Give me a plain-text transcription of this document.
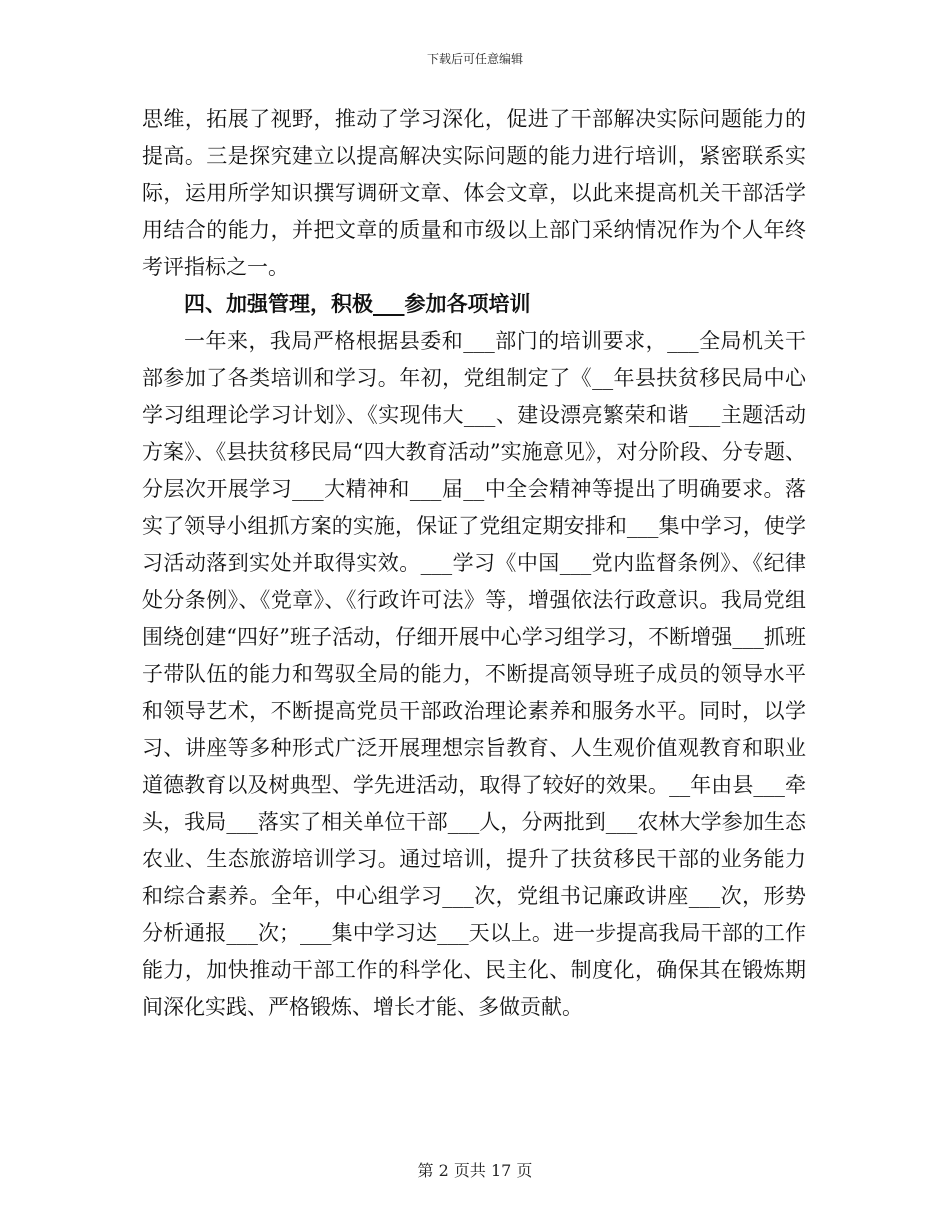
下载后可任意编辑

思维，拓展了视野，推动了学习深化，促进了干部解决实际问题能力的提高。三是探究建立以提高解决实际问题的能力进行培训，紧密联系实际，运用所学知识撰写调研文章、体会文章，以此来提高机关干部活学用结合的能力，并把文章的质量和市级以上部门采纳情况作为个人年终考评指标之一。

四、加强管理，积极___参加各项培训

一年来，我局严格根据县委和___部门的培训要求，___全局机关干部参加了各类培训和学习。年初，党组制定了《__年县扶贫移民局中心学习组理论学习计划》、《实现伟大___、建设漂亮繁荣和谐___主题活动方案》、《县扶贫移民局“四大教育活动”实施意见》，对分阶段、分专题、分层次开展学习___大精神和___届__中全会精神等提出了明确要求。落实了领导小组抓方案的实施，保证了党组定期安排和___集中学习，使学习活动落到实处并取得实效。___学习《中国___党内监督条例》、《纪律处分条例》、《党章》、《行政许可法》等，增强依法行政意识。我局党组围绕创建“四好”班子活动，仔细开展中心学习组学习，不断增强___抓班子带队伍的能力和驾驭全局的能力，不断提高领导班子成员的领导水平和领导艺术，不断提高党员干部政治理论素养和服务水平。同时，以学习、讲座等多种形式广泛开展理想宗旨教育、人生观价值观教育和职业道德教育以及树典型、学先进活动，取得了较好的效果。__年由县___牵头，我局___落实了相关单位干部___人，分两批到___农林大学参加生态农业、生态旅游培训学习。通过培训，提升了扶贫移民干部的业务能力和综合素养。全年，中心组学习___次，党组书记廉政讲座___次，形势分析通报___次；___集中学习达___天以上。进一步提高我局干部的工作能力，加快推动干部工作的科学化、民主化、制度化，确保其在锻炼期间深化实践、严格锻炼、增长才能、多做贡献。

第 2 页共 17 页
